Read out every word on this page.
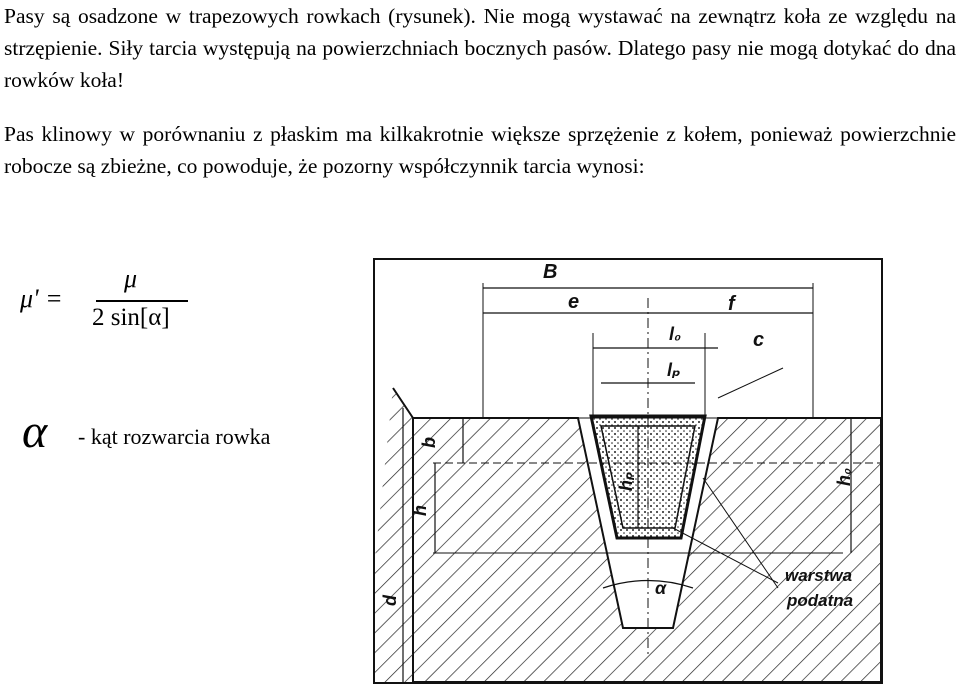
Pasy są osadzone w trapezowych rowkach (rysunek). Nie mogą wystawać na zewnątrz koła ze względu na strzępienie. Siły tarcia występują na powierzchniach bocznych pasów. Dlatego pasy nie mogą dotykać do dna rowków koła!

Pas klinowy w porównaniu z płaskim ma kilkakrotnie większe sprzężenie z kołem, ponieważ powierzchnie robocze są zbieżne, co powoduje, że pozorny współczynnik tarcia wynosi:

μ' =
μ
2 sin[α]
α - kąt rozwarcia rowka
B
e	f
l₀	c
lₚ
b
h
hₚ	h₀
d
α
warstwa
podatna
